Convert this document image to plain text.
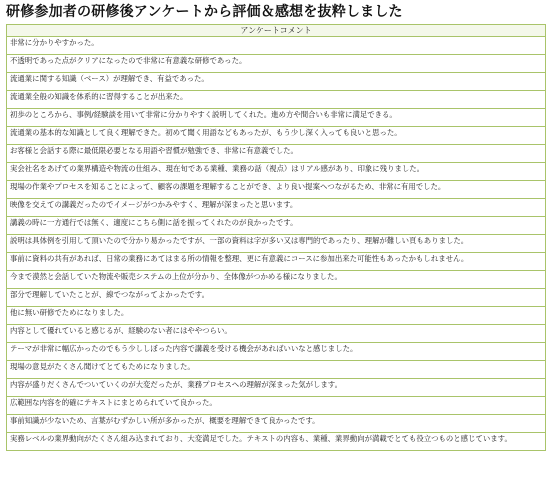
研修参加者の研修後アンケートから評価＆感想を抜粋しました
アンケートコメント
非常に分かりやすかった。
不透明であった点がクリアになったので非常に有意義な研修であった。
流通業に関する知識（ベース）が理解でき、有益であった。
流通業全般の知識を体系的に習得することが出来た。
初歩のところから、事例/経験談を用いて非常に分かりやすく説明してくれた。進め方や間合いも非常に満足できる。
流通業の基本的な知識として良く理解できた。初めて聞く用語などもあったが、もう少し深く入っても良いと思った。
お客様と会話する際に最低限必要となる用語や習慣が勉強でき、非常に有意義でした。
実会社名をあげての業界構造や物流の仕組み、現在旬である業種、業務の話（視点）はリアル感があり、印象に残りました。
現場の作業やプロセスを知ることによって、顧客の課題を理解することができ、より良い提案へつながるため、非常に有用でした。
映像を交えての講義だったのでイメージがつかみやすく、理解が深まったと思います。
講義の時に一方通行では無く、適度にこちら側に話を振ってくれたのが良かったです。
説明は具体例を引用して頂いたので分かり易かったですが、一部の資料は字が多い又は専門的であったり、理解が難しい頁もありました。
事前に資料の共有があれば、日常の業務にあてはまる所の情報を整理、更に有意義にコースに参加出来た可能性もあったかもしれません。
今まで漠然と会話していた物流や販売システムの上位が分かり、全体像がつかめる様になりました。
部分で理解していたことが、線でつながってよかったです。
他に無い研修でためになりました。
内容として優れていると感じるが、経験のない者にはややつらい。
テーマが非常に幅広かったのでもう少ししぼった内容で講義を受ける機会があればいいなと感じました。
現場の意見がたくさん聞けてとてもためになりました。
内容が盛りだくさんでついていくのが大変だったが、業務プロセスへの理解が深まった気がします。
広範囲な内容を的確にテキストにまとめられていて良かった。
事前知識が少ないため、言葉がむずかしい所が多かったが、概要を理解できて良かったです。
実務レベルの業界動向がたくさん組み込まれており、大変満足でした。テキストの内容も、業種、業界動向が満載でとても役立つものと感じています。
